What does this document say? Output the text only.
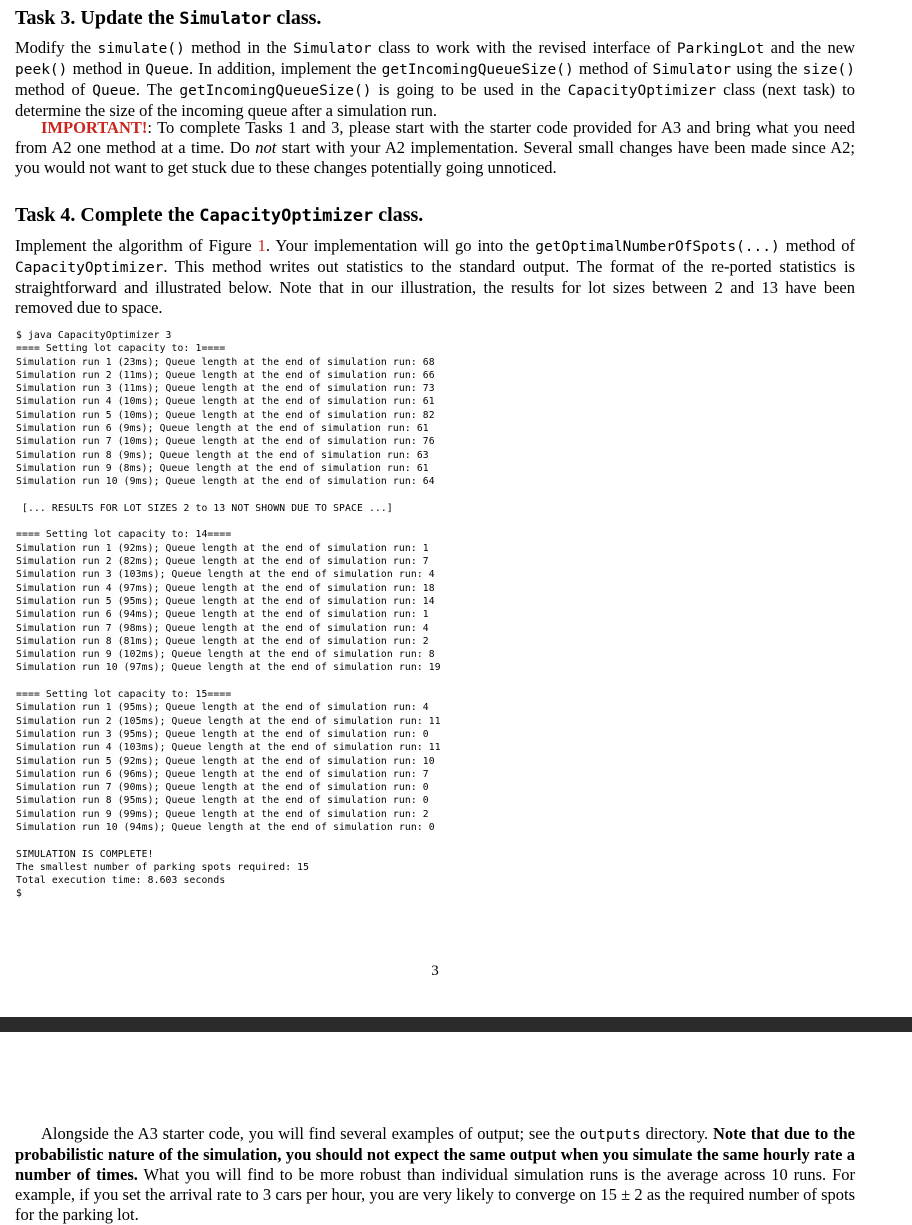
Task 3. Update the Simulator class.

Modify the simulate() method in the Simulator class to work with the revised interface of ParkingLot and the new peek() method in Queue. In addition, implement the getIncomingQueueSize() method of Simulator using the size() method of Queue. The getIncomingQueueSize() is going to be used in the CapacityOptimizer class (next task) to determine the size of the incoming queue after a simulation run.

IMPORTANT!: To complete Tasks 1 and 3, please start with the starter code provided for A3 and bring what you need from A2 one method at a time. Do not start with your A2 implementation. Several small changes have been made since A2; you would not want to get stuck due to these changes potentially going unnoticed.

Task 4. Complete the CapacityOptimizer class.

Implement the algorithm of Figure 1. Your implementation will go into the getOptimalNumberOfSpots(...) method of CapacityOptimizer. This method writes out statistics to the standard output. The format of the re-ported statistics is straightforward and illustrated below. Note that in our illustration, the results for lot sizes between 2 and 13 have been removed due to space.

$ java CapacityOptimizer 3
==== Setting lot capacity to: 1====
Simulation run 1 (23ms); Queue length at the end of simulation run: 68
Simulation run 2 (11ms); Queue length at the end of simulation run: 66
Simulation run 3 (11ms); Queue length at the end of simulation run: 73
Simulation run 4 (10ms); Queue length at the end of simulation run: 61
Simulation run 5 (10ms); Queue length at the end of simulation run: 82
Simulation run 6 (9ms); Queue length at the end of simulation run: 61
Simulation run 7 (10ms); Queue length at the end of simulation run: 76
Simulation run 8 (9ms); Queue length at the end of simulation run: 63
Simulation run 9 (8ms); Queue length at the end of simulation run: 61
Simulation run 10 (9ms); Queue length at the end of simulation run: 64
[... RESULTS FOR LOT SIZES 2 to 13 NOT SHOWN DUE TO SPACE ...]
==== Setting lot capacity to: 14====
Simulation run 1 (92ms); Queue length at the end of simulation run: 1
Simulation run 2 (82ms); Queue length at the end of simulation run: 7
Simulation run 3 (103ms); Queue length at the end of simulation run: 4
Simulation run 4 (97ms); Queue length at the end of simulation run: 18
Simulation run 5 (95ms); Queue length at the end of simulation run: 14
Simulation run 6 (94ms); Queue length at the end of simulation run: 1
Simulation run 7 (98ms); Queue length at the end of simulation run: 4
Simulation run 8 (81ms); Queue length at the end of simulation run: 2
Simulation run 9 (102ms); Queue length at the end of simulation run: 8
Simulation run 10 (97ms); Queue length at the end of simulation run: 19
==== Setting lot capacity to: 15====
Simulation run 1 (95ms); Queue length at the end of simulation run: 4
Simulation run 2 (105ms); Queue length at the end of simulation run: 11
Simulation run 3 (95ms); Queue length at the end of simulation run: 0
Simulation run 4 (103ms); Queue length at the end of simulation run: 11
Simulation run 5 (92ms); Queue length at the end of simulation run: 10
Simulation run 6 (96ms); Queue length at the end of simulation run: 7
Simulation run 7 (90ms); Queue length at the end of simulation run: 0
Simulation run 8 (95ms); Queue length at the end of simulation run: 0
Simulation run 9 (99ms); Queue length at the end of simulation run: 2
Simulation run 10 (94ms); Queue length at the end of simulation run: 0
SIMULATION IS COMPLETE!
The smallest number of parking spots required: 15
Total execution time: 8.603 seconds
$
3

Alongside the A3 starter code, you will find several examples of output; see the outputs directory. Note that due to the probabilistic nature of the simulation, you should not expect the same output when you simulate the same hourly rate a number of times. What you will find to be more robust than individual simulation runs is the average across 10 runs. For example, if you set the arrival rate to 3 cars per hour, you are very likely to converge on 15 ± 2 as the required number of spots for the parking lot.
